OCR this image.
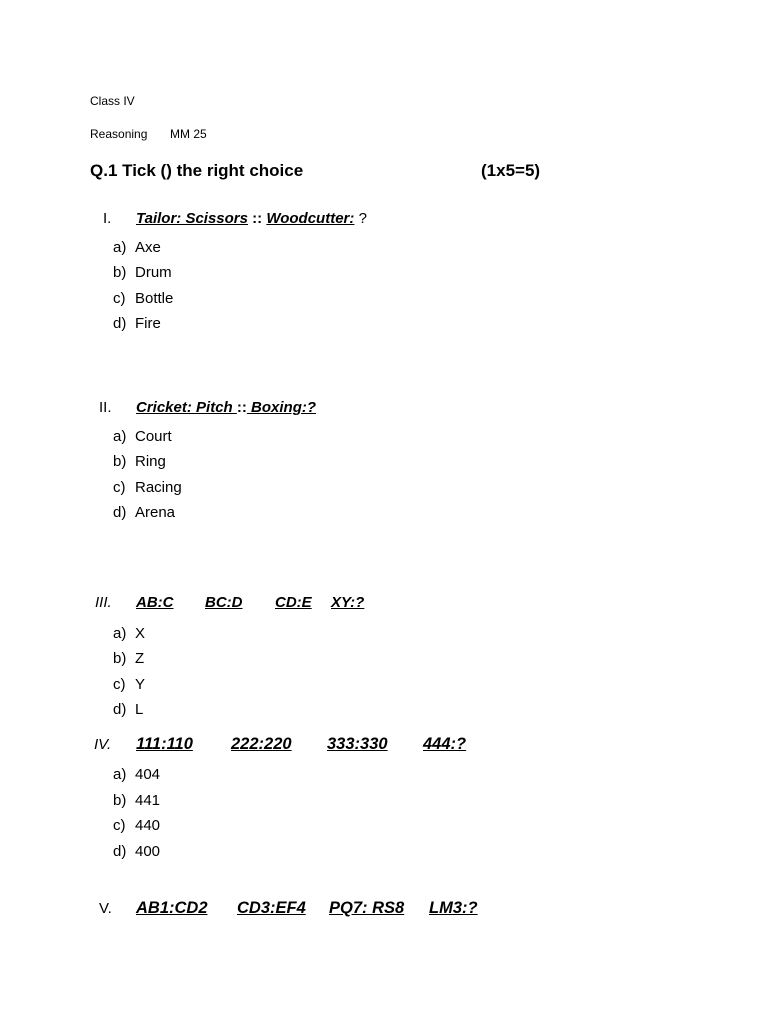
Class IV
Reasoning MM 25
Q.1 Tick () the right choice	(1x5=5)
I. Tailor: Scissors :: Woodcutter: ?
a) Axe
b) Drum
c) Bottle
d) Fire
II. Cricket: Pitch :: Boxing:?
a) Court
b) Ring
c) Racing
d) Arena
III. AB:C BC:D CD:E XY:?
a) X
b) Z
c) Y
d) L
IV. 111:110 222:220 333:330 444:?
a) 404
b) 441
c) 440
d) 400
V. AB1:CD2 CD3:EF4 PQ7: RS8 LM3:?
